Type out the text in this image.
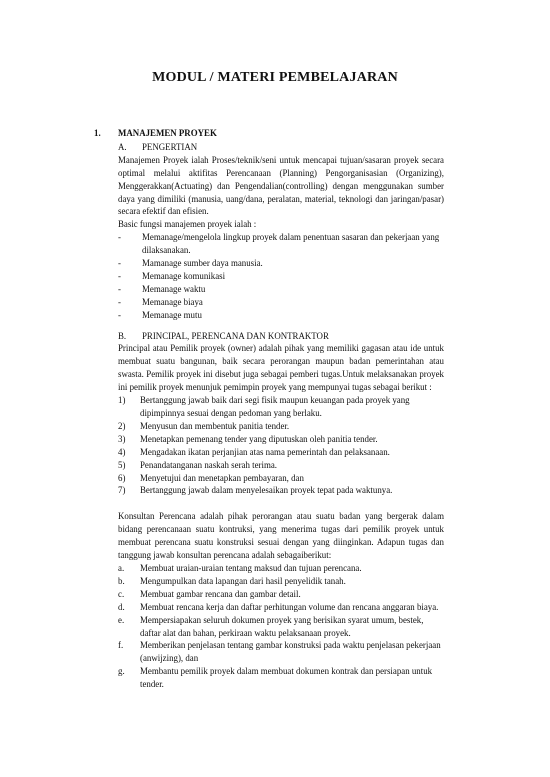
MODUL / MATERI PEMBELAJARAN
1. MANAJEMEN PROYEK

A. PENGERTIAN

Manajemen Proyek ialah Proses/teknik/seni untuk mencapai tujuan/sasaran proyek secara optimal melalui aktifitas Perencanaan (Planning) Pengorganisasian (Organizing), Menggerakkan(Actuating) dan Pengendalian(controlling) dengan menggunakan sumber daya yang dimiliki (manusia, uang/dana, peralatan, material, teknologi dan jaringan/pasar) secara efektif dan efisien.

Basic fungsi manajemen proyek ialah :

-	Memanage/mengelola lingkup proyek dalam penentuan sasaran dan pekerjaan yang dilaksanakan.
-	Mamanage sumber daya manusia.
-	Memanage komunikasi
-	Memanage waktu
-	Memanage biaya
-	Memanage mutu

B. PRINCIPAL, PERENCANA DAN KONTRAKTOR

Principal atau Pemilik proyek (owner) adalah pihak yang memiliki gagasan atau ide untuk membuat suatu bangunan, baik secara perorangan maupun badan pemerintahan atau swasta. Pemilik proyek ini disebut juga sebagai pemberi tugas.Untuk melaksanakan proyek ini pemilik proyek menunjuk pemimpin proyek yang mempunyai tugas sebagai berikut :

1)	Bertanggung jawab baik dari segi fisik maupun keuangan pada proyek yang dipimpinnya sesuai dengan pedoman yang berlaku.
2)	Menyusun dan membentuk panitia tender.
3)	Menetapkan pemenang tender yang diputuskan oleh panitia tender.
4)	Mengadakan ikatan perjanjian atas nama pemerintah dan pelaksanaan.
5)	Penandatanganan naskah serah terima.
6)	Menyetujui dan menetapkan pembayaran, dan
7)	Bertanggung jawab dalam menyelesaikan proyek tepat pada waktunya.

Konsultan Perencana adalah pihak perorangan atau suatu badan yang bergerak dalam bidang perencanaan suatu kontruksi, yang menerima tugas dari pemilik proyek untuk membuat perencana suatu konstruksi sesuai dengan yang diinginkan. Adapun tugas dan tanggung jawab konsultan perencana adalah sebagaiberikut:

a.	Membuat uraian-uraian tentang maksud dan tujuan perencana.
b.	Mengumpulkan data lapangan dari hasil penyelidik tanah.
c.	Membuat gambar rencana dan gambar detail.
d.	Membuat rencana kerja dan daftar perhitungan volume dan rencana anggaran biaya.
e.	Mempersiapakan seluruh dokumen proyek yang berisikan syarat umum, bestek, daftar alat dan bahan, perkiraan waktu pelaksanaan proyek.
f.	Memberikan penjelasan tentang gambar konstruksi pada waktu penjelasan pekerjaan (anwijzing), dan
g.	Membantu pemilik proyek dalam membuat dokumen kontrak dan persiapan untuk tender.
